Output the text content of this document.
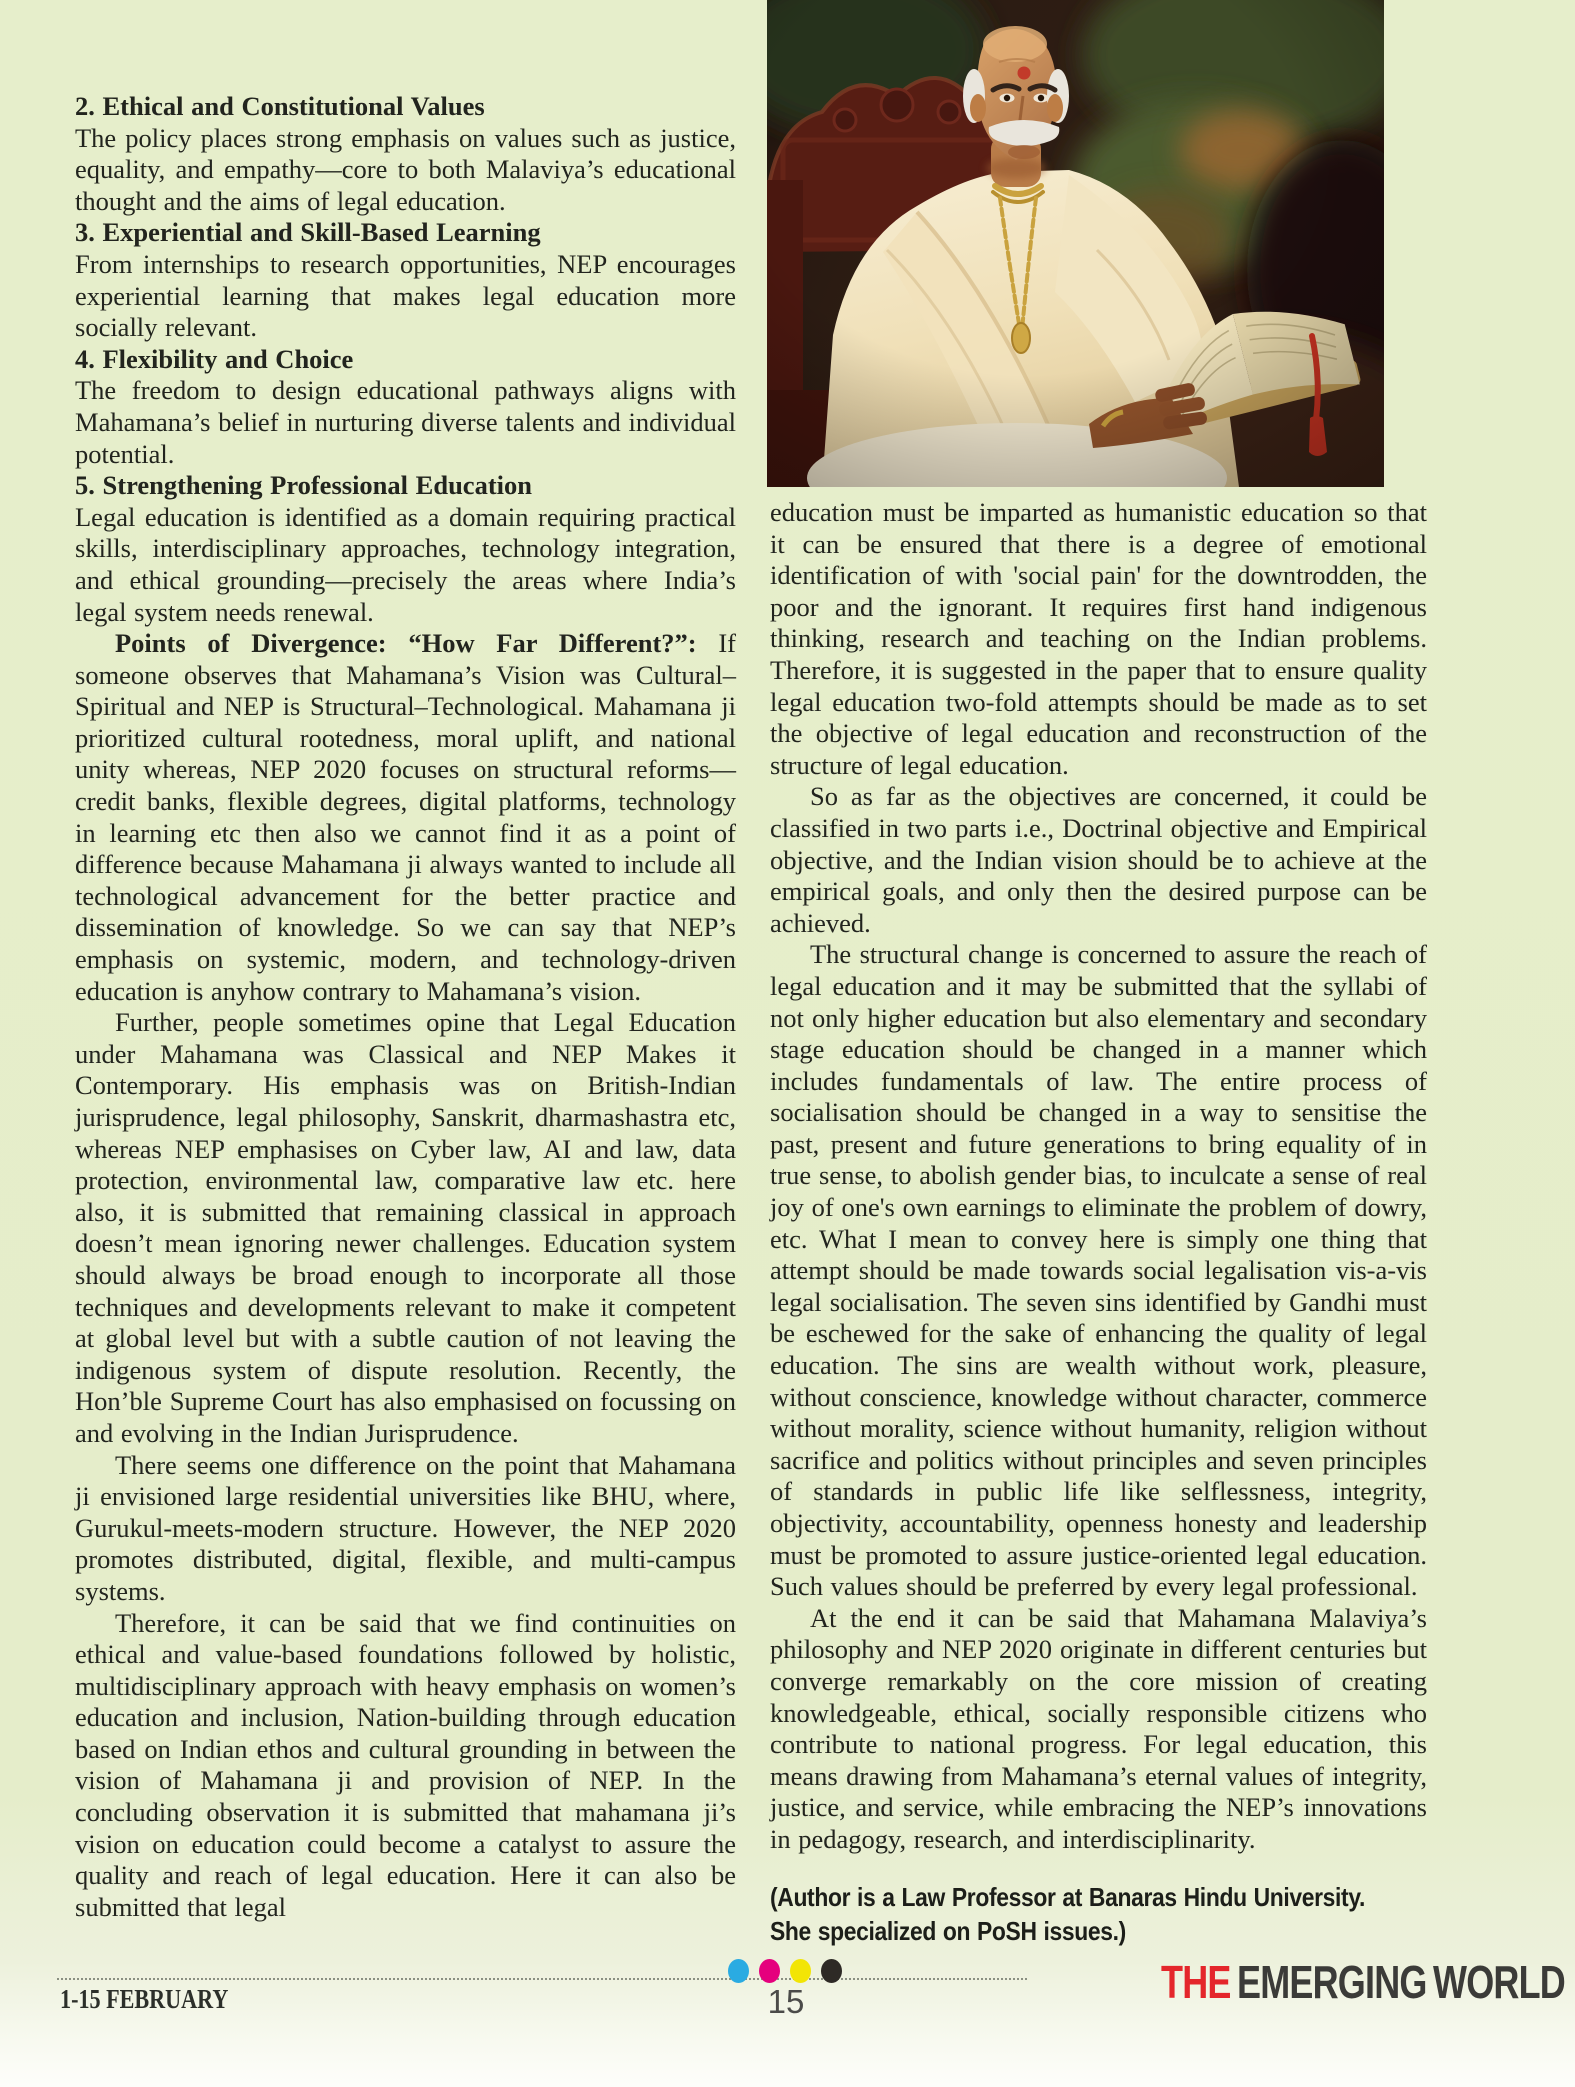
2. Ethical and Constitutional Values

The policy places strong emphasis on values such as justice, equality, and empathy—core to both Malaviya’s educational thought and the aims of legal education.

3. Experiential and Skill-Based Learning

From internships to research opportunities, NEP encourages experiential learning that makes legal education more socially relevant.

4. Flexibility and Choice

The freedom to design educational pathways aligns with Mahamana’s belief in nurturing diverse talents and individual potential.

5. Strengthening Professional Education

Legal education is identified as a domain requiring practical skills, interdisciplinary approaches, technology integration, and ethical grounding—precisely the areas where India’s legal system needs renewal.

Points of Divergence: “How Far Different?”: If someone observes that Mahamana’s Vision was Cultural–Spiritual and NEP is Structural–Technological. Mahamana ji prioritized cultural rootedness, moral uplift, and national unity whereas, NEP 2020 focuses on structural reforms—credit banks, flexible degrees, digital platforms, technology in learning etc then also we cannot find it as a point of difference because Mahamana ji always wanted to include all technological advancement for the better practice and dissemination of knowledge. So we can say that NEP’s emphasis on systemic, modern, and technology-driven education is anyhow contrary to Mahamana’s vision.

Further, people sometimes opine that Legal Education under Mahamana was Classical and NEP Makes it Contemporary. His emphasis was on British-Indian jurisprudence, legal philosophy, Sanskrit, dharmashastra etc, whereas NEP emphasises on Cyber law, AI and law, data protection, environmental law, comparative law etc. here also, it is submitted that remaining classical in approach doesn’t mean ignoring newer challenges. Education system should always be broad enough to incorporate all those techniques and developments relevant to make it competent at global level but with a subtle caution of not leaving the indigenous system of dispute resolution. Recently, the Hon’ble Supreme Court has also emphasised on focussing on and evolving in the Indian Jurisprudence.

There seems one difference on the point that Mahamana ji envisioned large residential universities like BHU, where, Gurukul-meets-modern structure. However, the NEP 2020 promotes distributed, digital, flexible, and multi-campus systems.

Therefore, it can be said that we find continuities on ethical and value-based foundations followed by holistic, multidisciplinary approach with heavy emphasis on women’s education and inclusion, Nation-building through education based on Indian ethos and cultural grounding in between the vision of Mahamana ji and provision of NEP. In the concluding observation it is submitted that mahamana ji’s vision on education could become a catalyst to assure the quality and reach of legal education. Here it can also be submitted that legal

education must be imparted as humanistic education so that it can be ensured that there is a degree of emotional identification of with 'social pain' for the downtrodden, the poor and the ignorant. It requires first hand indigenous thinking, research and teaching on the Indian problems. Therefore, it is suggested in the paper that to ensure quality legal education two-fold attempts should be made as to set the objective of legal education and reconstruction of the structure of legal education.

So as far as the objectives are concerned, it could be classified in two parts i.e., Doctrinal objective and Empirical objective, and the Indian vision should be to achieve at the empirical goals, and only then the desired purpose can be achieved.

The structural change is concerned to assure the reach of legal education and it may be submitted that the syllabi of not only higher education but also elementary and secondary stage education should be changed in a manner which includes fundamentals of law. The entire process of socialisation should be changed in a way to sensitise the past, present and future generations to bring equality of in true sense, to abolish gender bias, to inculcate a sense of real joy of one's own earnings to eliminate the problem of dowry, etc. What I mean to convey here is simply one thing that attempt should be made towards social legalisation vis-a-vis legal socialisation. The seven sins identified by Gandhi must be eschewed for the sake of enhancing the quality of legal education. The sins are wealth without work, pleasure, without conscience, knowledge without character, commerce without morality, science without humanity, religion without sacrifice and politics without principles and seven principles of standards in public life like selflessness, integrity, objectivity, accountability, openness honesty and leadership must be promoted to assure justice-oriented legal education. Such values should be preferred by every legal professional.

At the end it can be said that Mahamana Malaviya’s philosophy and NEP 2020 originate in different centuries but converge remarkably on the core mission of creating knowledgeable, ethical, socially responsible citizens who contribute to national progress. For legal education, this means drawing from Mahamana’s eternal values of integrity, justice, and service, while embracing the NEP’s innovations in pedagogy, research, and interdisciplinarity.

(Author is a Law Professor at Banaras Hindu University.
She specialized on PoSH issues.)
1-15 FEBRUARY	15	THE EMERGING WORLD
